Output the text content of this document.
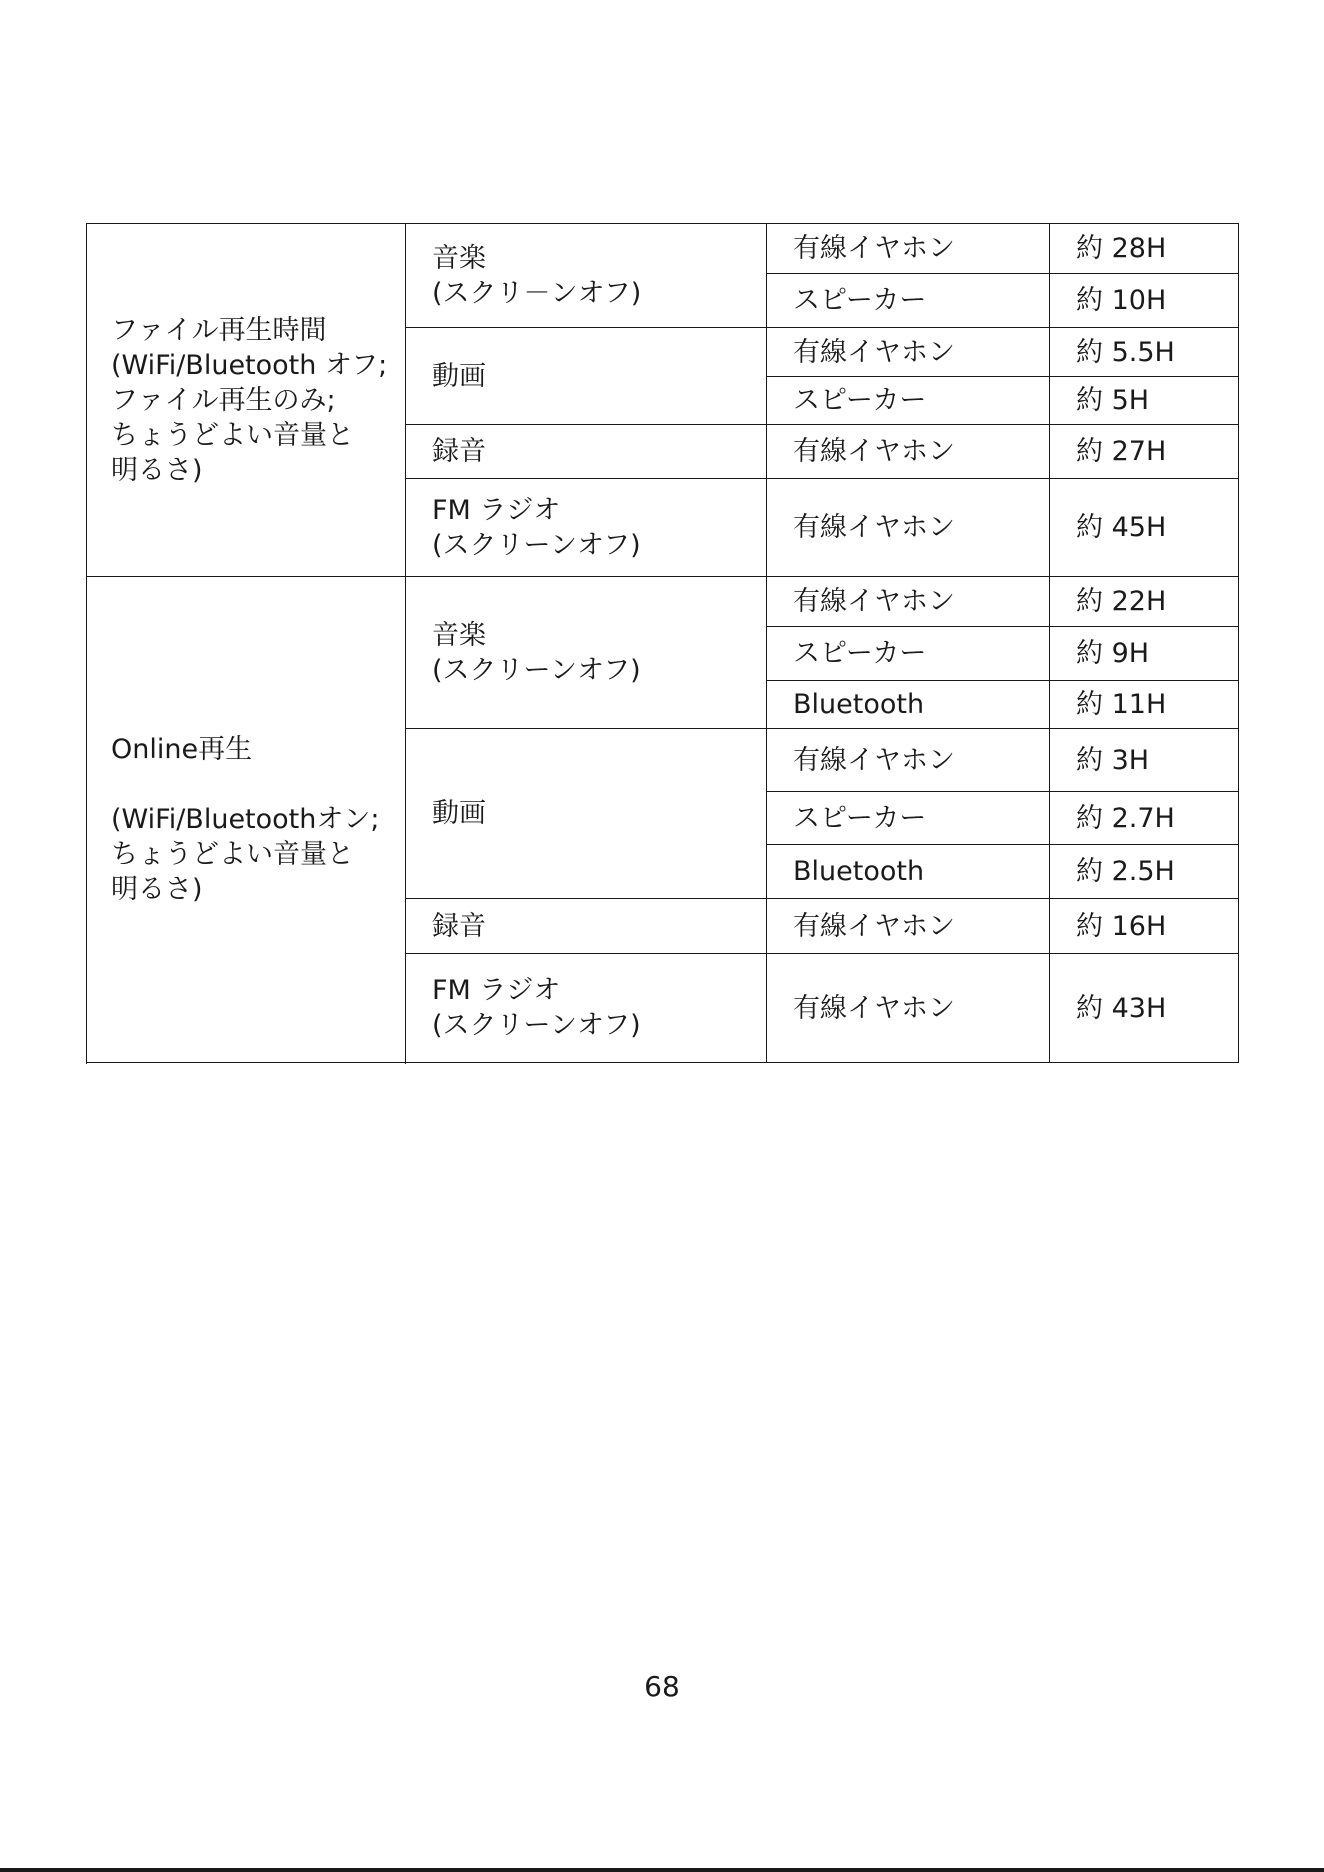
ファイル再生時間
(WiFi/Bluetooth オフ;
ファイル再生のみ;
ちょうどよい音量と
明るさ)	音楽
(スクリ－ンオフ)	有線イヤホン	約 28H
		スピーカー	約 10H

	動画	有線イヤホン	約 5.5H
		スピーカー	約 5H

	録音	有線イヤホン	約 27H

	FM ラジオ
(スクリーンオフ)	有線イヤホン	約 45H

Online再生

(WiFi/Bluetoothオン;
ちょうどよい音量と
明るさ)	音楽
(スクリーンオフ)	有線イヤホン	約 22H
		スピーカー	約 9H
		Bluetooth	約 11H

	動画	有線イヤホン	約 3H
		スピーカー	約 2.7H
		Bluetooth	約 2.5H

	録音	有線イヤホン	約 16H

	FM ラジオ
(スクリーンオフ)	有線イヤホン	約 43H

68
